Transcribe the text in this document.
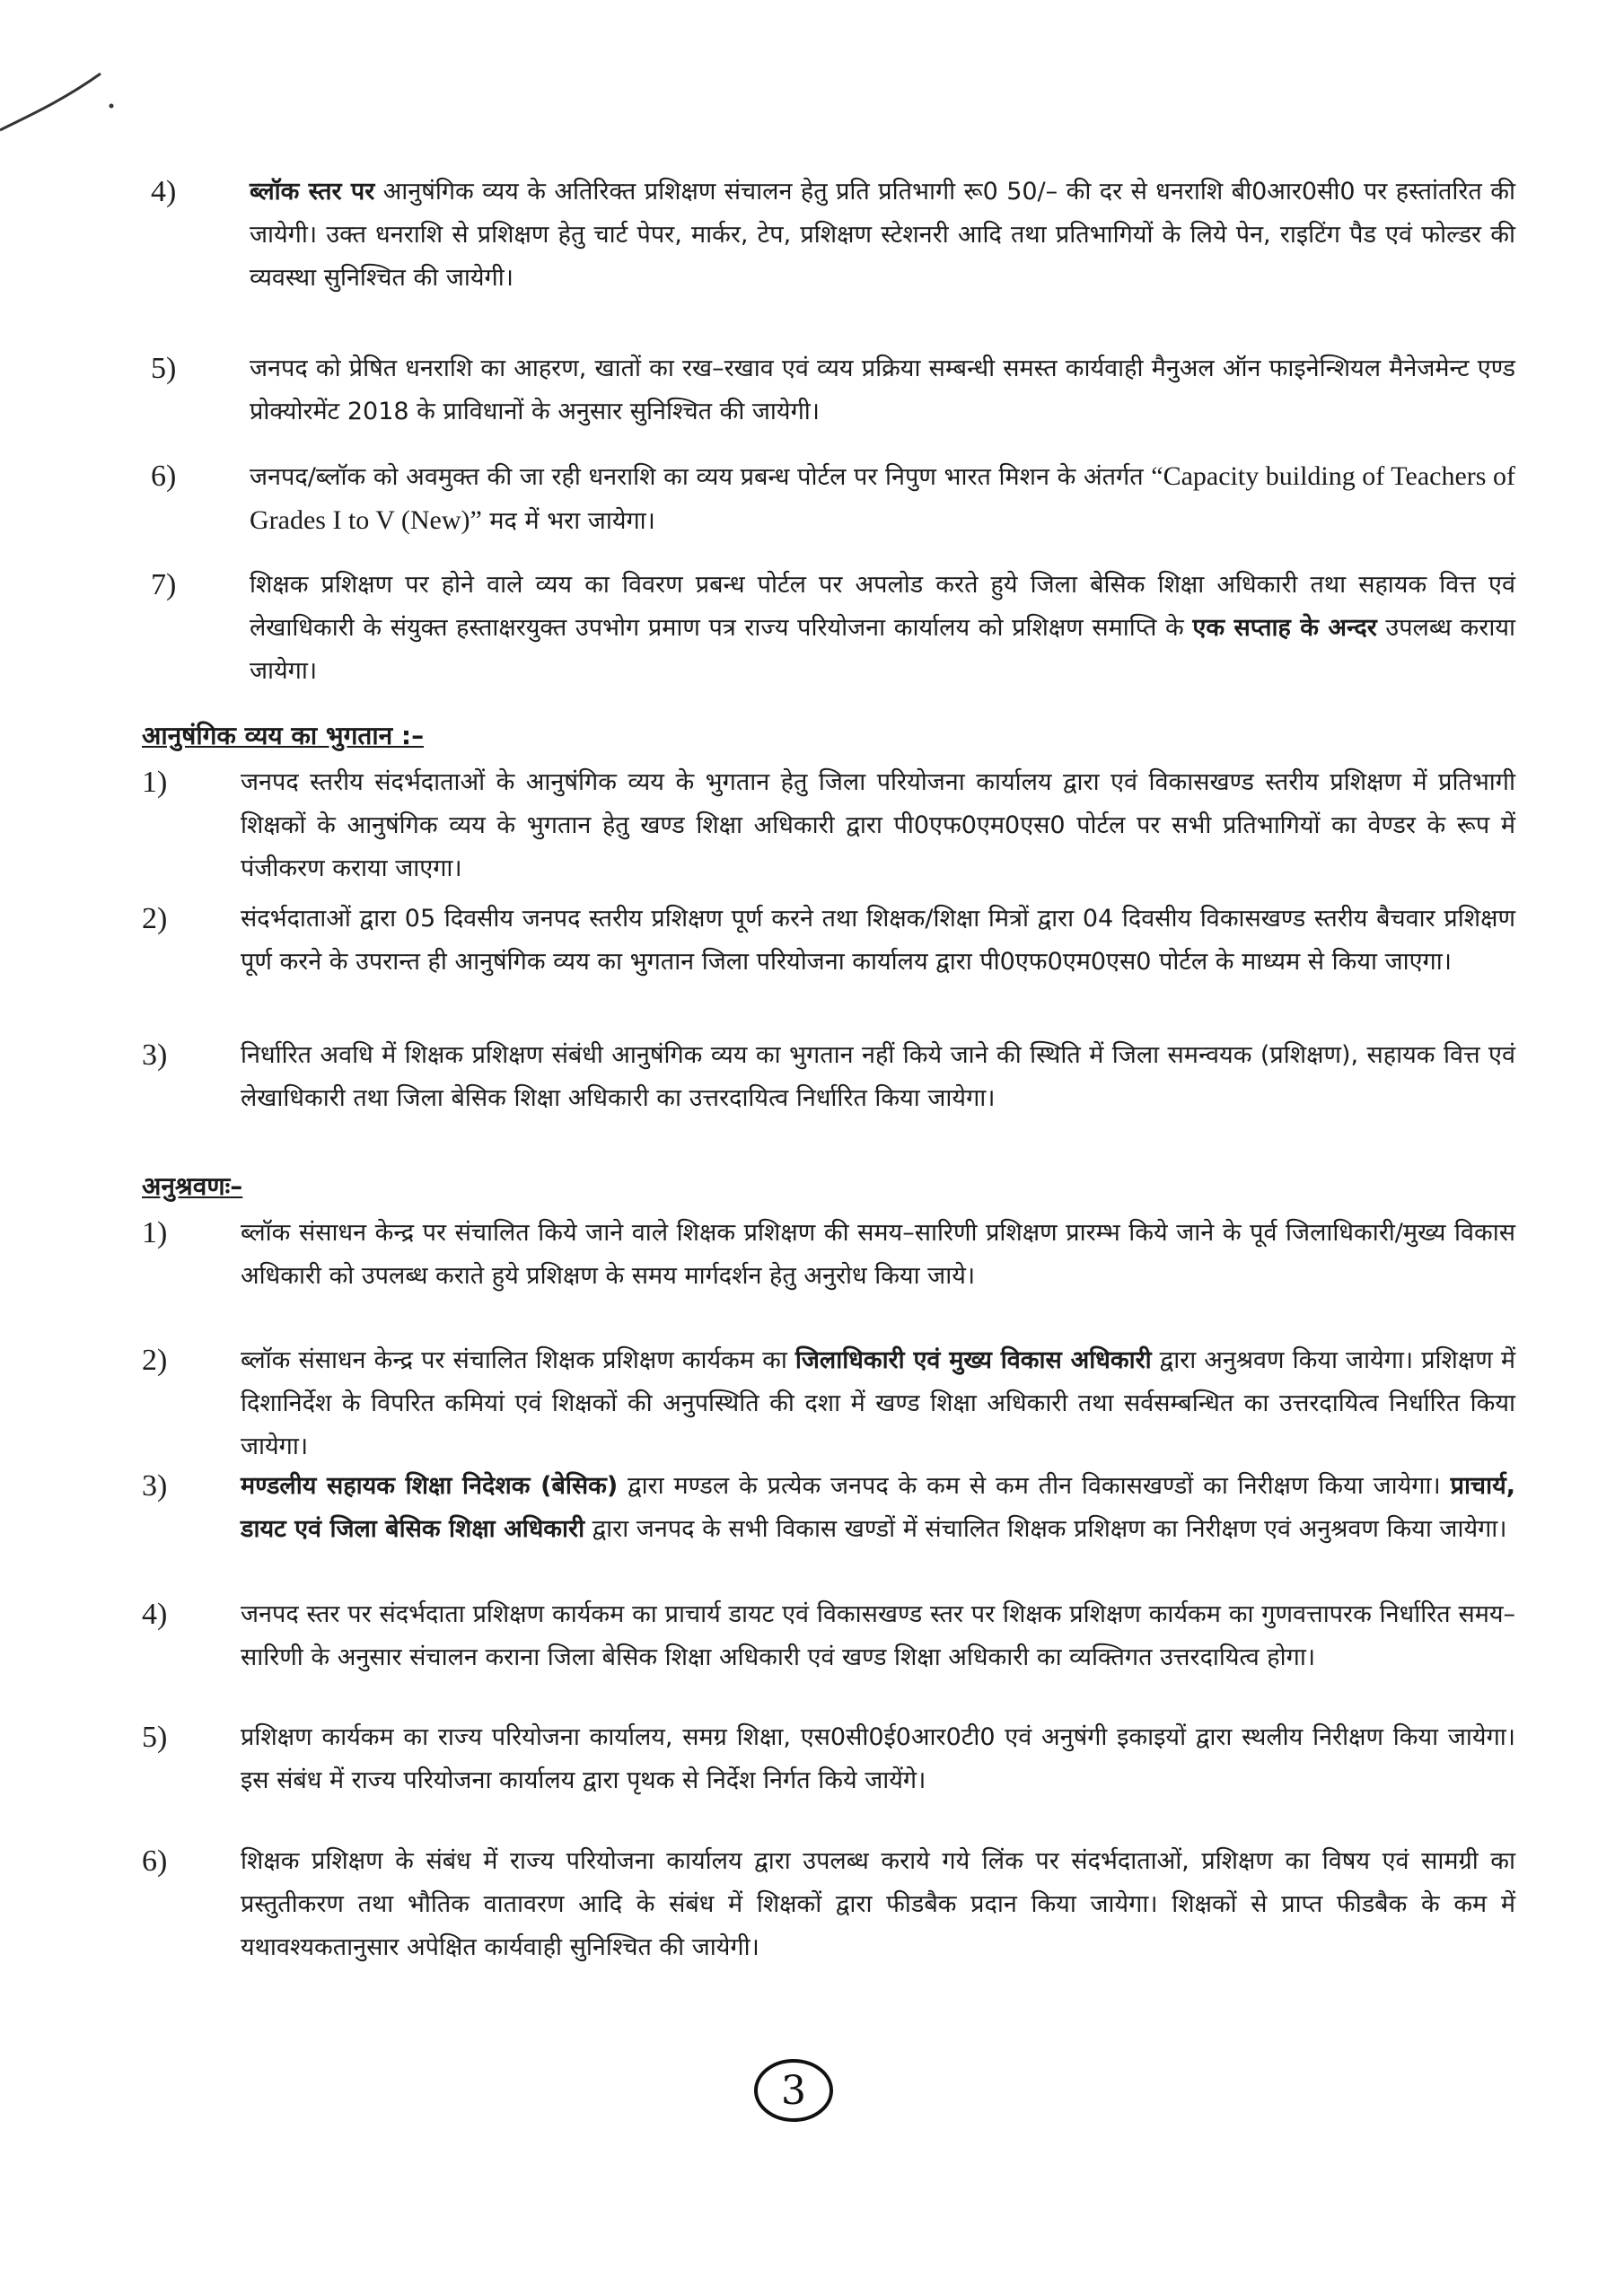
4)	ब्लॉक स्तर पर आनुषंगिक व्यय के अतिरिक्त प्रशिक्षण संचालन हेतु प्रति प्रतिभागी रू0 50/– की दर से धनराशि बी0आर0सी0 पर हस्तांतरित की जायेगी। उक्त धनराशि से प्रशिक्षण हेतु चार्ट पेपर, मार्कर, टेप, प्रशिक्षण स्टेशनरी आदि तथा प्रतिभागियों के लिये पेन, राइटिंग पैड एवं फोल्डर की व्यवस्था सुनिश्चित की जायेगी।
5)	जनपद को प्रेषित धनराशि का आहरण, खातों का रख–रखाव एवं व्यय प्रक्रिया सम्बन्धी समस्त कार्यवाही मैनुअल ऑन फाइनेन्शियल मैनेजमेन्ट एण्ड प्रोक्योरमेंट 2018 के प्राविधानों के अनुसार सुनिश्चित की जायेगी।
6)	जनपद/ब्लॉक को अवमुक्त की जा रही धनराशि का व्यय प्रबन्ध पोर्टल पर निपुण भारत मिशन के अंतर्गत “Capacity building of Teachers of Grades I to V (New)” मद में भरा जायेगा।
7)	शिक्षक प्रशिक्षण पर होने वाले व्यय का विवरण प्रबन्ध पोर्टल पर अपलोड करते हुये जिला बेसिक शिक्षा अधिकारी तथा सहायक वित्त एवं लेखाधिकारी के संयुक्त हस्ताक्षरयुक्त उपभोग प्रमाण पत्र राज्य परियोजना कार्यालय को प्रशिक्षण समाप्ति के एक सप्ताह के अन्दर उपलब्ध कराया जायेगा।
आनुषंगिक व्यय का भुगतान :–
1)	जनपद स्तरीय संदर्भदाताओं के आनुषंगिक व्यय के भुगतान हेतु जिला परियोजना कार्यालय द्वारा एवं विकासखण्ड स्तरीय प्रशिक्षण में प्रतिभागी शिक्षकों के आनुषंगिक व्यय के भुगतान हेतु खण्ड शिक्षा अधिकारी द्वारा पी0एफ0एम0एस0 पोर्टल पर सभी प्रतिभागियों का वेण्डर के रूप में पंजीकरण कराया जाएगा।
2)	संदर्भदाताओं द्वारा 05 दिवसीय जनपद स्तरीय प्रशिक्षण पूर्ण करने तथा शिक्षक/शिक्षा मित्रों द्वारा 04 दिवसीय विकासखण्ड स्तरीय बैचवार प्रशिक्षण पूर्ण करने के उपरान्त ही आनुषंगिक व्यय का भुगतान जिला परियोजना कार्यालय द्वारा पी0एफ0एम0एस0 पोर्टल के माध्यम से किया जाएगा।
3)	निर्धारित अवधि में शिक्षक प्रशिक्षण संबंधी आनुषंगिक व्यय का भुगतान नहीं किये जाने की स्थिति में जिला समन्वयक (प्रशिक्षण), सहायक वित्त एवं लेखाधिकारी तथा जिला बेसिक शिक्षा अधिकारी का उत्तरदायित्व निर्धारित किया जायेगा।
अनुश्रवणः–
1)	ब्लॉक संसाधन केन्द्र पर संचालित किये जाने वाले शिक्षक प्रशिक्षण की समय–सारिणी प्रशिक्षण प्रारम्भ किये जाने के पूर्व जिलाधिकारी/मुख्य विकास अधिकारी को उपलब्ध कराते हुये प्रशिक्षण के समय मार्गदर्शन हेतु अनुरोध किया जाये।
2)	ब्लॉक संसाधन केन्द्र पर संचालित शिक्षक प्रशिक्षण कार्यकम का जिलाधिकारी एवं मुख्य विकास अधिकारी द्वारा अनुश्रवण किया जायेगा। प्रशिक्षण में दिशानिर्देश के विपरित कमियां एवं शिक्षकों की अनुपस्थिति की दशा में खण्ड शिक्षा अधिकारी तथा सर्वसम्बन्धित का उत्तरदायित्व निर्धारित किया जायेगा।
3)	मण्डलीय सहायक शिक्षा निदेशक (बेसिक) द्वारा मण्डल के प्रत्येक जनपद के कम से कम तीन विकासखण्डों का निरीक्षण किया जायेगा। प्राचार्य, डायट एवं जिला बेसिक शिक्षा अधिकारी द्वारा जनपद के सभी विकास खण्डों में संचालित शिक्षक प्रशिक्षण का निरीक्षण एवं अनुश्रवण किया जायेगा।
4)	जनपद स्तर पर संदर्भदाता प्रशिक्षण कार्यकम का प्राचार्य डायट एवं विकासखण्ड स्तर पर शिक्षक प्रशिक्षण कार्यकम का गुणवत्तापरक निर्धारित समय–सारिणी के अनुसार संचालन कराना जिला बेसिक शिक्षा अधिकारी एवं खण्ड शिक्षा अधिकारी का व्यक्तिगत उत्तरदायित्व होगा।
5)	प्रशिक्षण कार्यकम का राज्य परियोजना कार्यालय, समग्र शिक्षा, एस0सी0ई0आर0टी0 एवं अनुषंगी इकाइयों द्वारा स्थलीय निरीक्षण किया जायेगा। इस संबंध में राज्य परियोजना कार्यालय द्वारा पृथक से निर्देश निर्गत किये जायेंगे।
6)	शिक्षक प्रशिक्षण के संबंध में राज्य परियोजना कार्यालय द्वारा उपलब्ध कराये गये लिंक पर संदर्भदाताओं, प्रशिक्षण का विषय एवं सामग्री का प्रस्तुतीकरण तथा भौतिक वातावरण आदि के संबंध में शिक्षकों द्वारा फीडबैक प्रदान किया जायेगा। शिक्षकों से प्राप्त फीडबैक के कम में यथावश्यकतानुसार अपेक्षित कार्यवाही सुनिश्चित की जायेगी।
3
